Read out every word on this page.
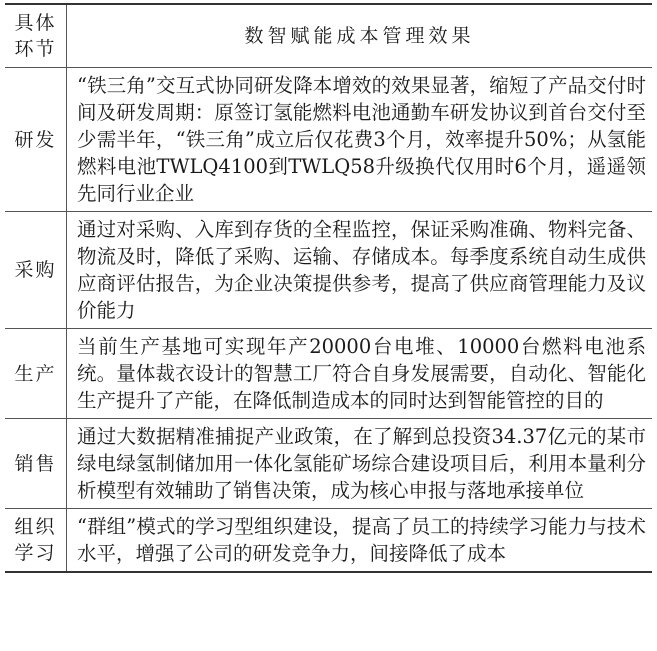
具体环节
数智赋能成本管理效果
研发
“铁三角”交互式协同研发降本增效的效果显著，缩短了产品交付时间及研发周期：原签订氢能燃料电池通勤车研发协议到首台交付至少需半年，“铁三角”成立后仅花费3个月，效率提升50%；从氢能燃料电池TWLQ4100到TWLQ58升级换代仅用时6个月，遥遥领先同行业企业
采购
通过对采购、入库到存货的全程监控，保证采购准确、物料完备、物流及时，降低了采购、运输、存储成本。每季度系统自动生成供应商评估报告，为企业决策提供参考，提高了供应商管理能力及议价能力
生产
当前生产基地可实现年产20000台电堆、10000台燃料电池系统。量体裁衣设计的智慧工厂符合自身发展需要，自动化、智能化生产提升了产能，在降低制造成本的同时达到智能管控的目的
销售
通过大数据精准捕捉产业政策，在了解到总投资34.37亿元的某市绿电绿氢制储加用一体化氢能矿场综合建设项目后，利用本量利分析模型有效辅助了销售决策，成为核心申报与落地承接单位
组织学习
“群组”模式的学习型组织建设，提高了员工的持续学习能力与技术水平，增强了公司的研发竞争力，间接降低了成本
